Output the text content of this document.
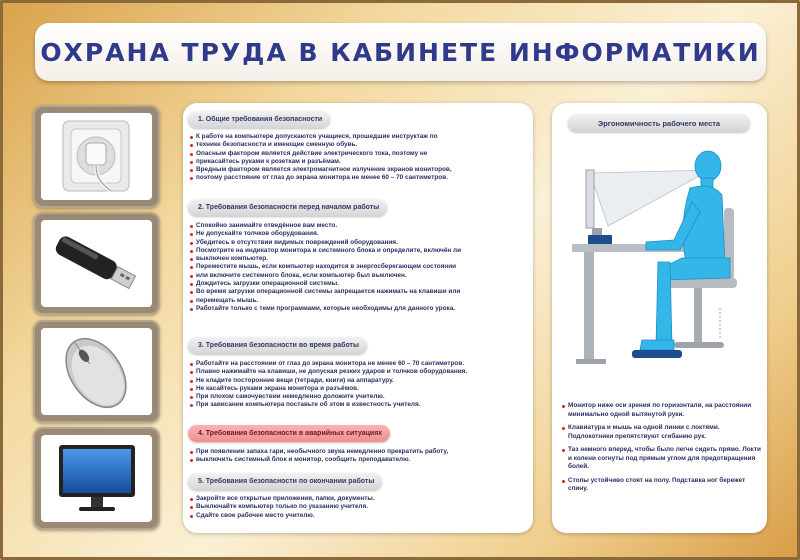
ОХРАНА ТРУДА В КАБИНЕТЕ ИНФОРМАТИКИ
1. Общие требования безопасности
К работе на компьютере допускаются учащиеся, прошедшие инструктаж по
технике безопасности и имеющие сменную обувь.
Опасным фактором является действие электрического тока, поэтому не
прикасайтесь руками к розеткам и разъёмам.
Вредным фактором является электромагнитное излучение экранов мониторов,
поэтому расстояние от глаз до экрана монитора не менее 60 – 70 сантиметров.
2. Требования безопасности перед началом работы
Спокойно занимайте отведённое вам место.
Не допускайте толчков оборудования.
Убедитесь в отсутствии видимых повреждений оборудования.
Посмотрите на индикатор монитора и системного блока и определите, включён ли
выключен компьютер.
Переместите мышь, если компьютер находится в энергосберегающем состоянии
или включите системного блока, если компьютер был выключен.
Дождитесь загрузки операционной системы.
Во время загрузки операционной системы запрещается нажимать на клавиши или
перемещать мышь.
Работайте только с теми программами, которые необходимы для данного урока.
3. Требования безопасности во время работы
Работайте на расстоянии от глаз до экрана монитора не менее 60 – 70 сантиметров.
Плавно нажимайте на клавиши, не допуская резких ударов и толчков оборудования.
Не кладите посторонние вещи (тетради, книги) на аппаратуру.
Не касайтесь руками экрана монитора и разъёмов.
При плохом самочувствии немедленно доложите учителю.
При зависании компьютера поставьте об этом в известность учителя.
4. Требования безопасности в аварийных ситуациях
При появлении запаха гари, необычного звука немедленно прекратить работу,
выключить системный блок и монитор, сообщить преподавателю.
5. Требования безопасности по окончании работы
Закройте все открытые приложения, папки, документы.
Выключайте компьютер только по указанию учителя.
Сдайте свое рабочее место учителю.
Эргономичность рабочего места
Монитор ниже оси зрения по горизонтали, на расстоянии минимально одной вытянутой руки.
Клавиатура и мышь на одной линии с локтями. Подлокотники препятствуют сгибанию рук.
Таз немного вперед, чтобы было легче сидеть прямо. Локти и колени согнуты под прямым углом для предотвращения болей.
Стопы устойчиво стоят на полу. Подставка ног бережет спину.
